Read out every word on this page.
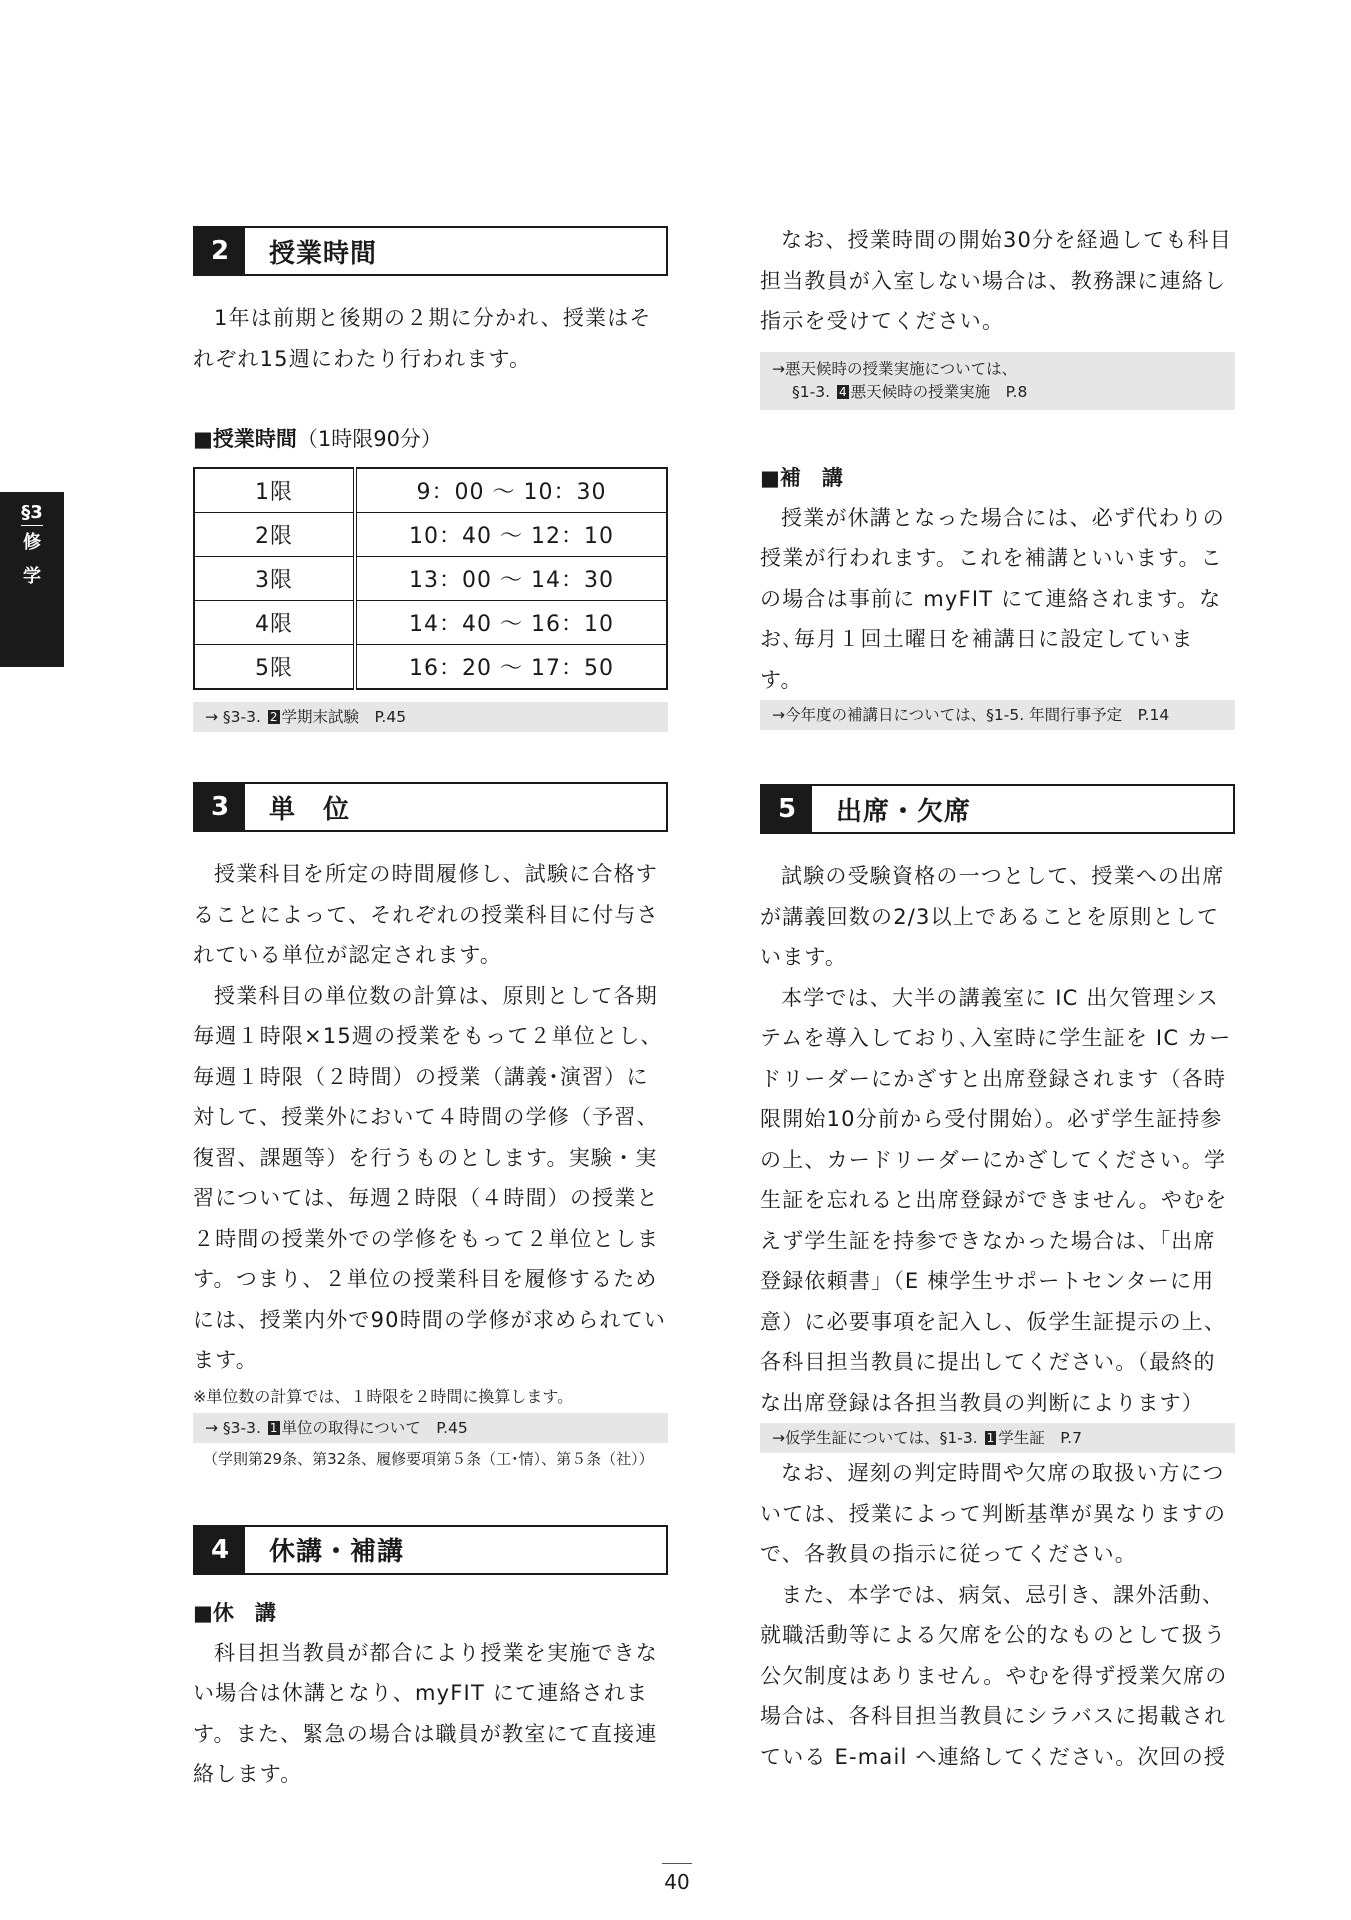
§3
修
学
2	授業時間

1年は前期と後期の２期に分かれ、授業はそれぞれ15週にわたり行われます。

■授業時間（1時限90分）

1限	9：00 〜 10：30
2限	10：40 〜 12：10
3限	13：00 〜 14：30
4限	14：40 〜 16：10
5限	16：20 〜 17：50
→ §3-3. 2 学期末試験　P.45
3	単　位

授業科目を所定の時間履修し、試験に合格することによって、それぞれの授業科目に付与されている単位が認定されます。

授業科目の単位数の計算は、原則として各期毎週１時限×15週の授業をもって２単位とし、毎週１時限（２時間）の授業（講義･演習）に対して、授業外において４時間の学修（予習、復習、課題等）を行うものとします。実験・実習については、毎週２時限（４時間）の授業と２時間の授業外での学修をもって２単位とします。つまり、２単位の授業科目を履修するためには、授業内外で90時間の学修が求められています。

※単位数の計算では、１時限を２時間に換算します。

→ §3-3. 1 単位の取得について　P.45

（学則第29条、第32条、履修要項第５条（工･情）、第５条（社））

4	休講・補講

■休　講

科目担当教員が都合により授業を実施できない場合は休講となり、myFIT にて連絡されます。また、緊急の場合は職員が教室にて直接連絡します。

なお、授業時間の開始30分を経過しても科目担当教員が入室しない場合は、教務課に連絡し指示を受けてください。

→悪天候時の授業実施については、
§1-3. 4 悪天候時の授業実施　P.8

■補　講

授業が休講となった場合には、必ず代わりの授業が行われます。これを補講といいます。この場合は事前に myFIT にて連絡されます。なお､毎月１回土曜日を補講日に設定しています。

→今年度の補講日については、§1-5. 年間行事予定　P.14
5	出席・欠席

試験の受験資格の一つとして、授業への出席が講義回数の2/3以上であることを原則としています。

本学では、大半の講義室に IC 出欠管理システムを導入しており､入室時に学生証を IC カードリーダーにかざすと出席登録されます（各時限開始10分前から受付開始）。必ず学生証持参の上、カードリーダーにかざしてください。学生証を忘れると出席登録ができません。やむをえず学生証を持参できなかった場合は、「出席登録依頼書」（E 棟学生サポートセンターに用意）に必要事項を記入し、仮学生証提示の上、各科目担当教員に提出してください。（最終的な出席登録は各担当教員の判断によります）

→仮学生証については、§1-3. 1 学生証　P.7

なお、遅刻の判定時間や欠席の取扱い方については、授業によって判断基準が異なりますので、各教員の指示に従ってください。

また、本学では、病気、忌引き、課外活動、就職活動等による欠席を公的なものとして扱う公欠制度はありません。やむを得ず授業欠席の場合は、各科目担当教員にシラバスに掲載されている E-mail へ連絡してください。次回の授

40
